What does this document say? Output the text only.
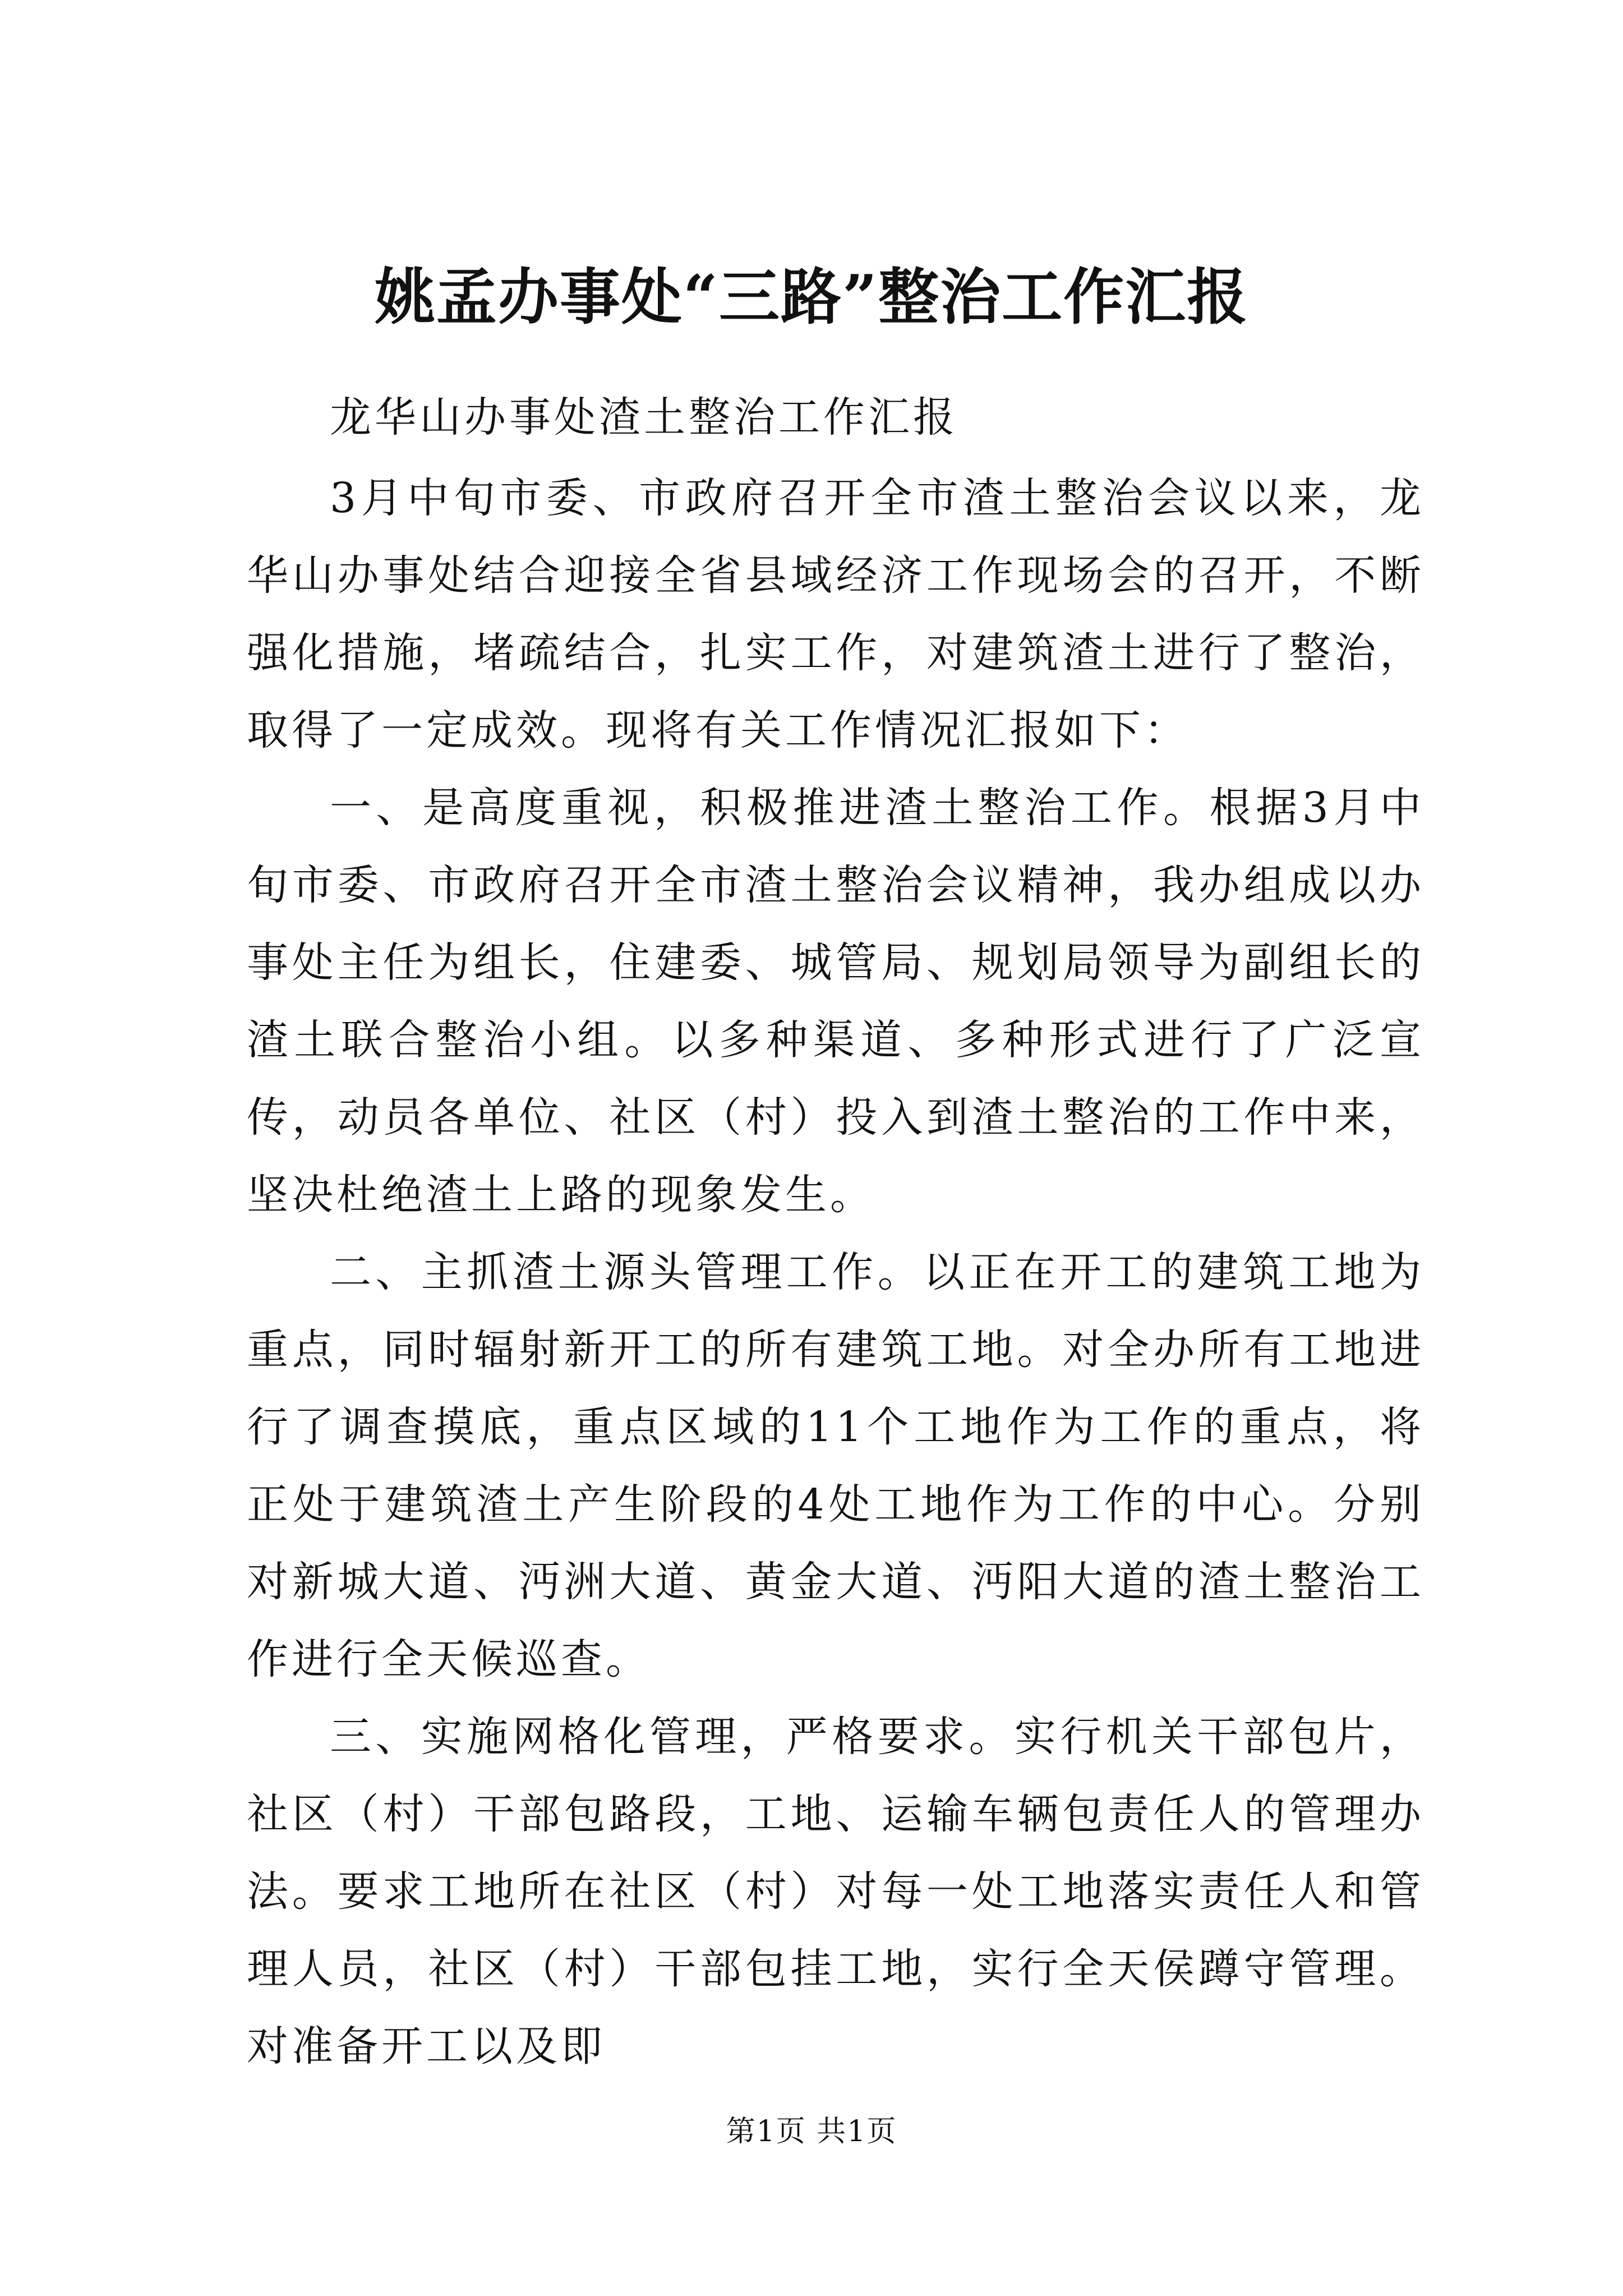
姚孟办事处“三路”整治工作汇报

龙华山办事处渣土整治工作汇报

3月中旬市委、市政府召开全市渣土整治会议以来，龙华山办事处结合迎接全省县域经济工作现场会的召开，不断强化措施，堵疏结合，扎实工作，对建筑渣土进行了整治，取得了一定成效。现将有关工作情况汇报如下：

一、是高度重视，积极推进渣土整治工作。根据3月中旬市委、市政府召开全市渣土整治会议精神，我办组成以办事处主任为组长，住建委、城管局、规划局领导为副组长的渣土联合整治小组。以多种渠道、多种形式进行了广泛宣传，动员各单位、社区（村）投入到渣土整治的工作中来，坚决杜绝渣土上路的现象发生。

二、主抓渣土源头管理工作。以正在开工的建筑工地为重点，同时辐射新开工的所有建筑工地。对全办所有工地进行了调查摸底，重点区域的11个工地作为工作的重点，将正处于建筑渣土产生阶段的4处工地作为工作的中心。分别对新城大道、沔洲大道、黄金大道、沔阳大道的渣土整治工作进行全天候巡查。

三、实施网格化管理，严格要求。实行机关干部包片，社区（村）干部包路段，工地、运输车辆包责任人的管理办法。要求工地所在社区（村）对每一处工地落实责任人和管理人员，社区（村）干部包挂工地，实行全天侯蹲守管理。对准备开工以及即

第1页 共1页
